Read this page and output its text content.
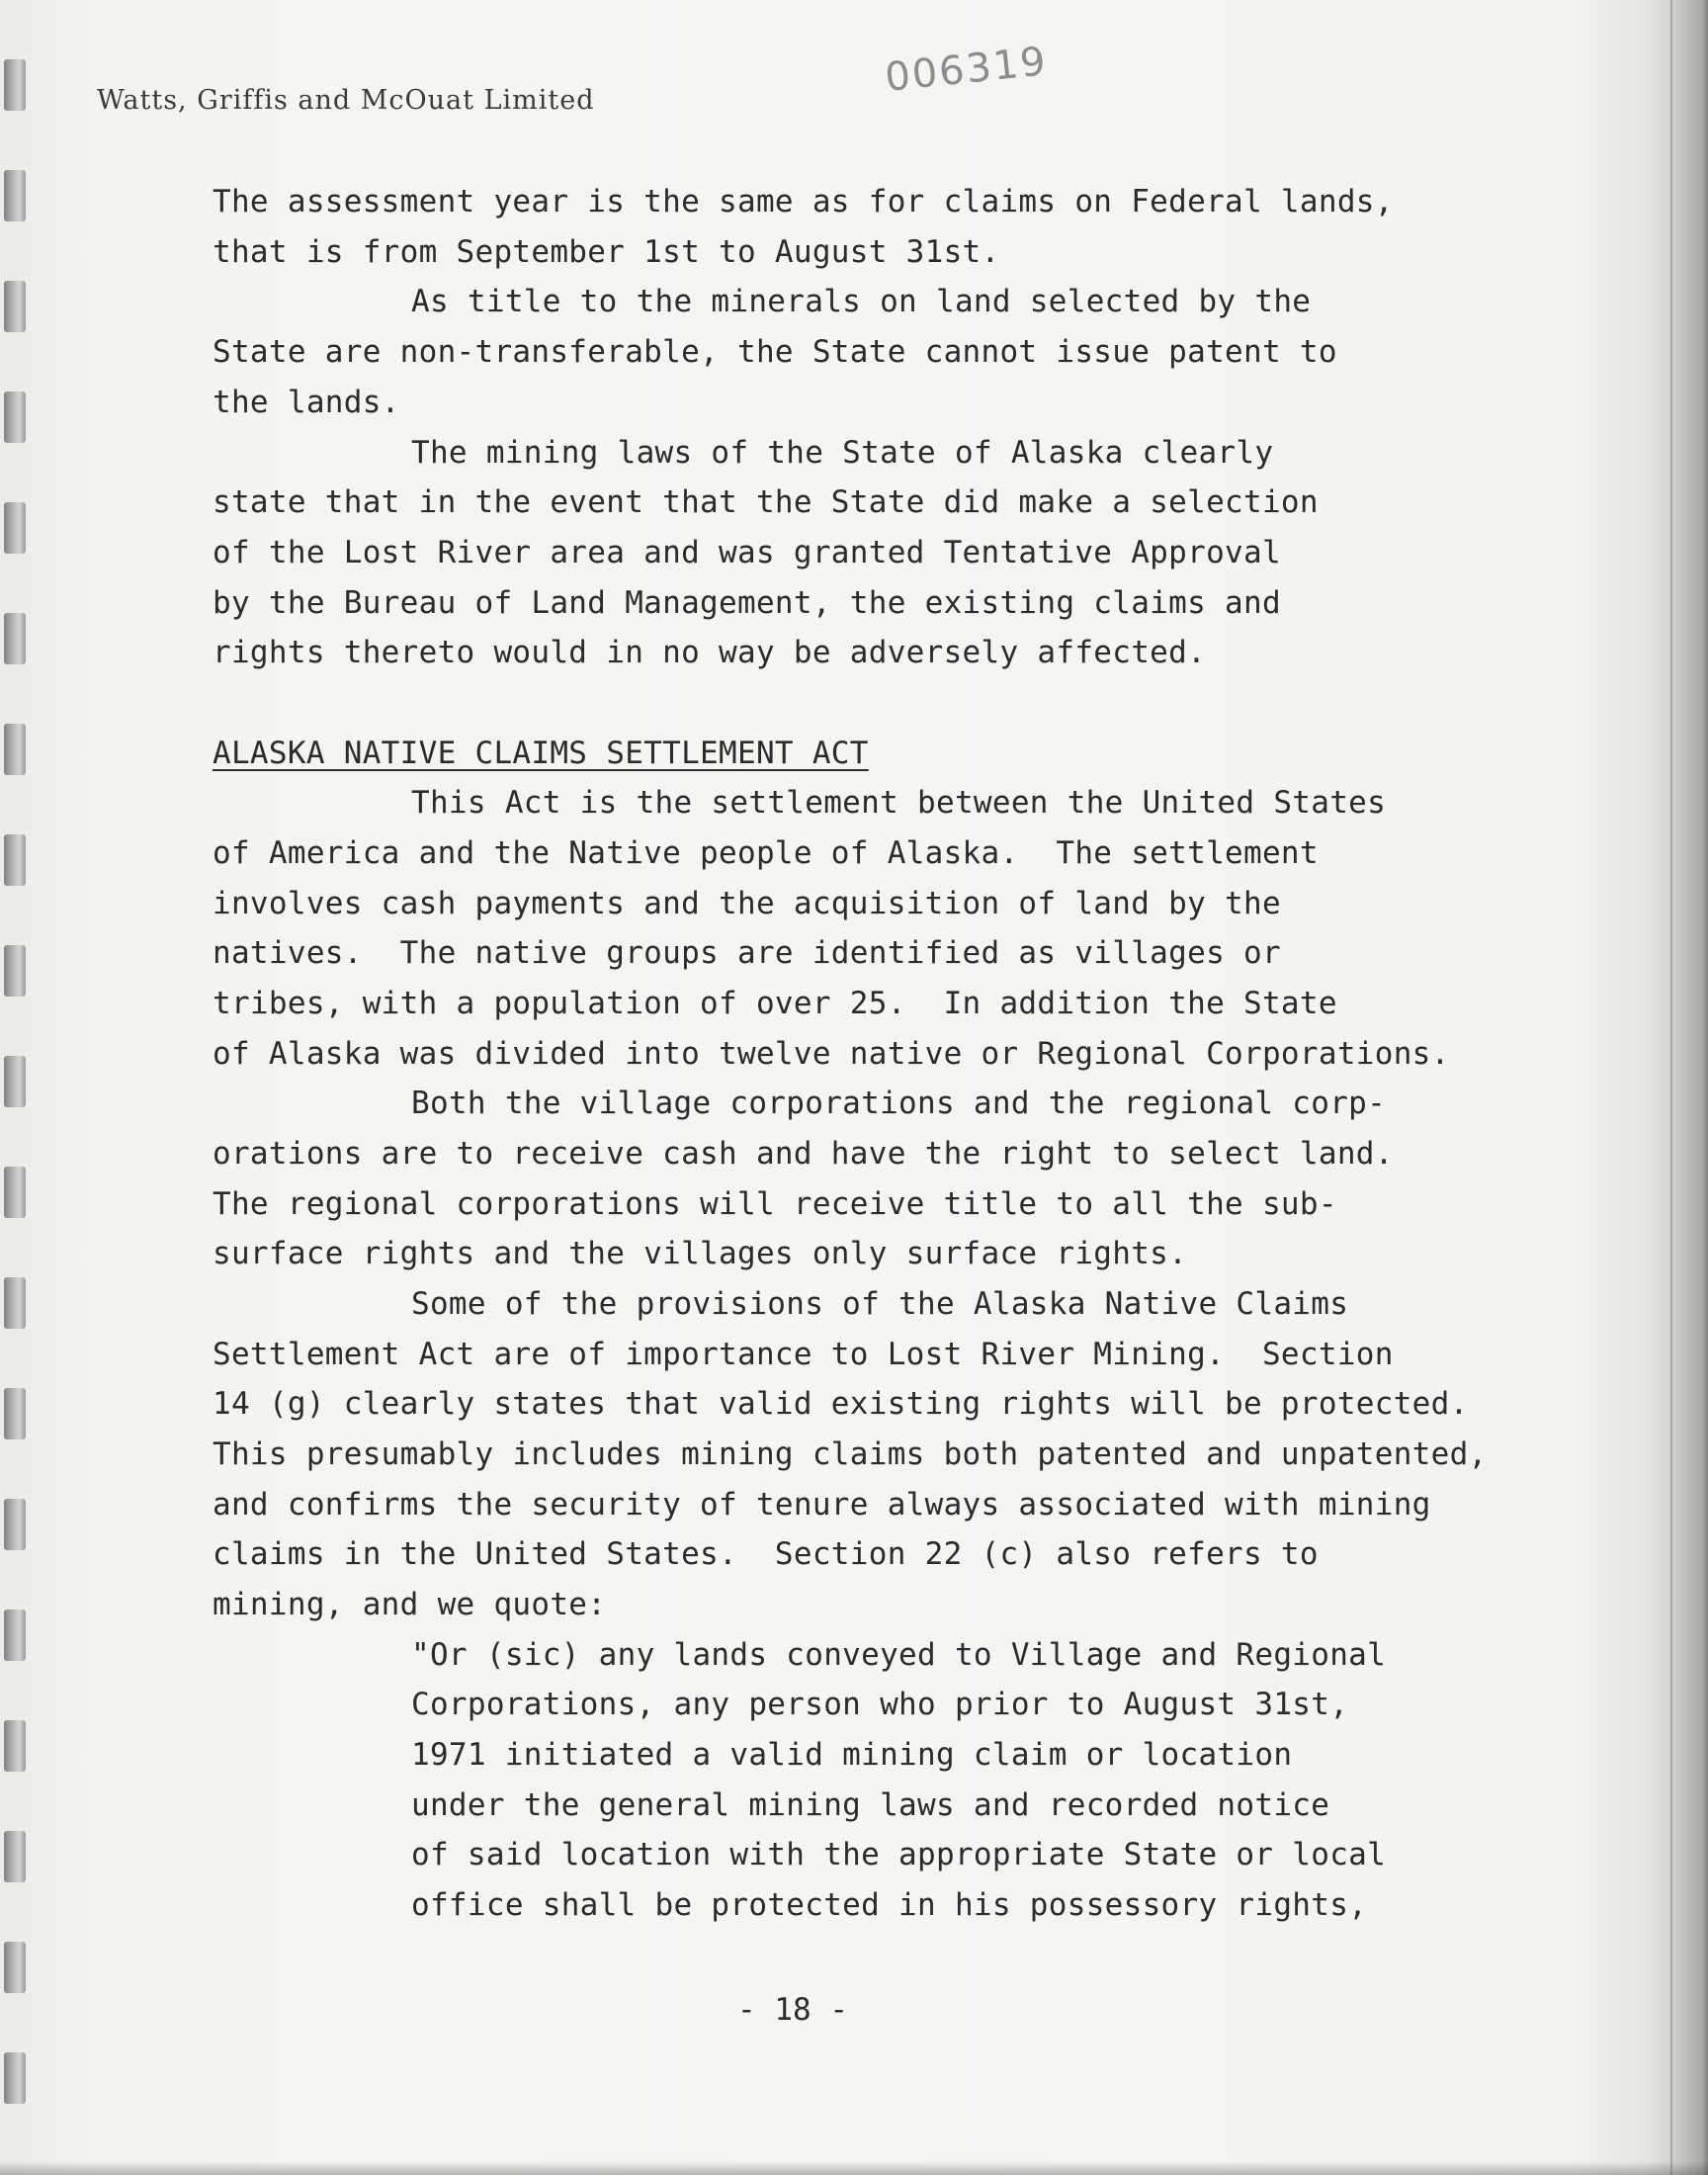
Watts, Griffis and McOuat Limited	006319
The assessment year is the same as for claims on Federal lands,
that is from September 1st to August 31st.
As title to the minerals on land selected by the
State are non-transferable, the State cannot issue patent to
the lands.
The mining laws of the State of Alaska clearly
state that in the event that the State did make a selection
of the Lost River area and was granted Tentative Approval
by the Bureau of Land Management, the existing claims and
rights thereto would in no way be adversely affected.
ALASKA NATIVE CLAIMS SETTLEMENT ACT
This Act is the settlement between the United States
of America and the Native people of Alaska.  The settlement
involves cash payments and the acquisition of land by the
natives.  The native groups are identified as villages or
tribes, with a population of over 25.  In addition the State
of Alaska was divided into twelve native or Regional Corporations.
Both the village corporations and the regional corp-
orations are to receive cash and have the right to select land.
The regional corporations will receive title to all the sub-
surface rights and the villages only surface rights.
Some of the provisions of the Alaska Native Claims
Settlement Act are of importance to Lost River Mining.  Section
14 (g) clearly states that valid existing rights will be protected.
This presumably includes mining claims both patented and unpatented,
and confirms the security of tenure always associated with mining
claims in the United States.  Section 22 (c) also refers to
mining, and we quote:
"Or (sic) any lands conveyed to Village and Regional
Corporations, any person who prior to August 31st,
1971 initiated a valid mining claim or location
under the general mining laws and recorded notice
of said location with the appropriate State or local
office shall be protected in his possessory rights,
- 18 -
